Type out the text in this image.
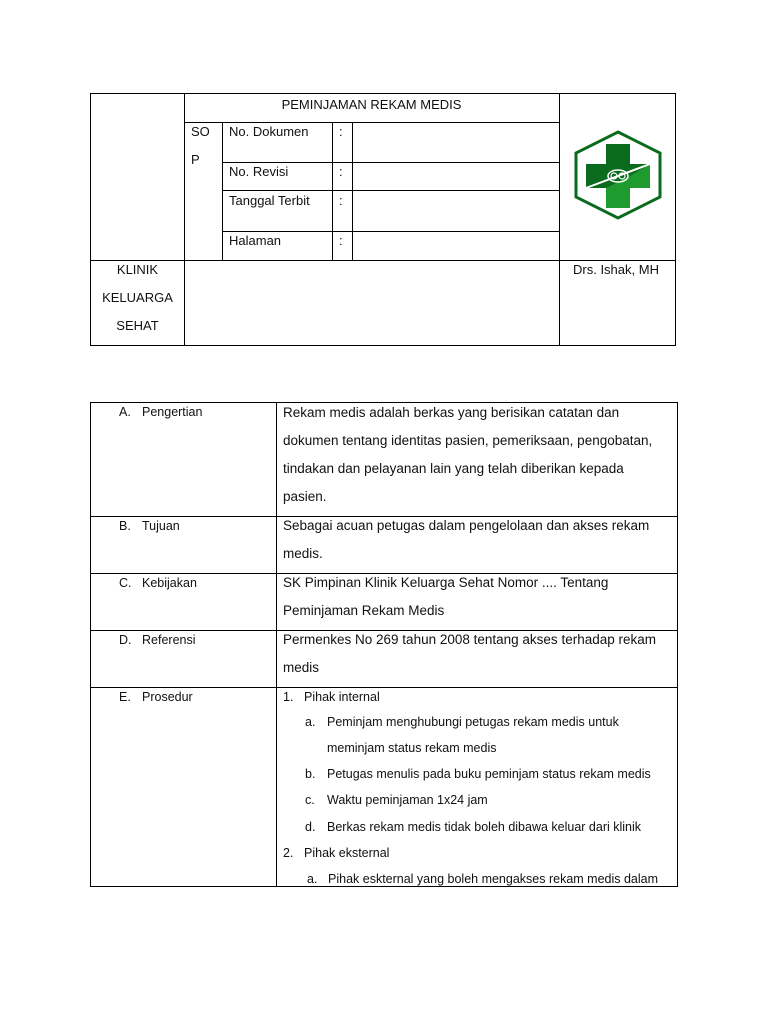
PEMINJAMAN REKAM MEDIS
SO
P
No. Dokumen :
No. Revisi	:
Tanggal Terbit :
Halaman	:
KLINIK
KELUARGA
SEHAT
Drs. Ishak, MH
A. Pengertian	Rekam medis adalah berkas yang berisikan catatan dan
dokumen tentang identitas pasien, pemeriksaan, pengobatan,
tindakan dan pelayanan lain yang telah diberikan kepada
pasien.
B. Tujuan	Sebagai acuan petugas dalam pengelolaan dan akses rekam
medis.
C. Kebijakan	SK Pimpinan Klinik Keluarga Sehat Nomor .... Tentang
Peminjaman Rekam Medis
D. Referensi	Permenkes No 269 tahun 2008 tentang akses terhadap rekam
medis
E. Prosedur	1. Pihak internal
a. Peminjam menghubungi petugas rekam medis untuk
meminjam status rekam medis
b. Petugas menulis pada buku peminjam status rekam medis
c. Waktu peminjaman 1x24 jam
d. Berkas rekam medis tidak boleh dibawa keluar dari klinik
2. Pihak eksternal
a. Pihak eskternal yang boleh mengakses rekam medis dalam
